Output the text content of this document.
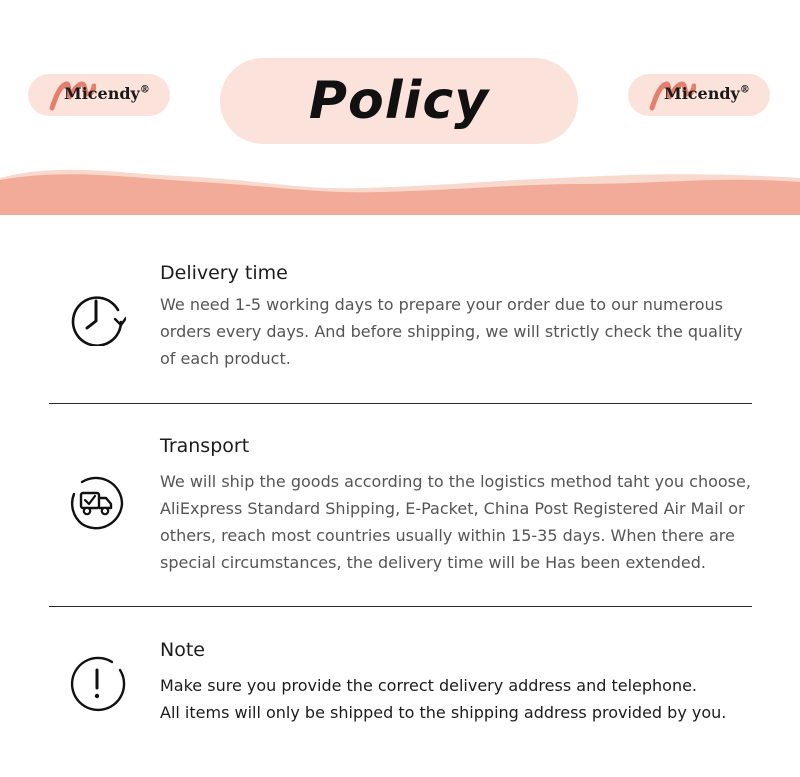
Micendy®	Policy	Micendy®
Delivery time

We need 1-5 working days to prepare your order due to our numerous

orders every days. And before shipping, we will strictly check the quality

of each product.

Transport

We will ship the goods according to the logistics method taht you choose,

AliExpress Standard Shipping, E-Packet, China Post Registered Air Mail or

others, reach most countries usually within 15-35 days. When there are

special circumstances, the delivery time will be Has been extended.

Note

Make sure you provide the correct delivery address and telephone.

All items will only be shipped to the shipping address provided by you.
